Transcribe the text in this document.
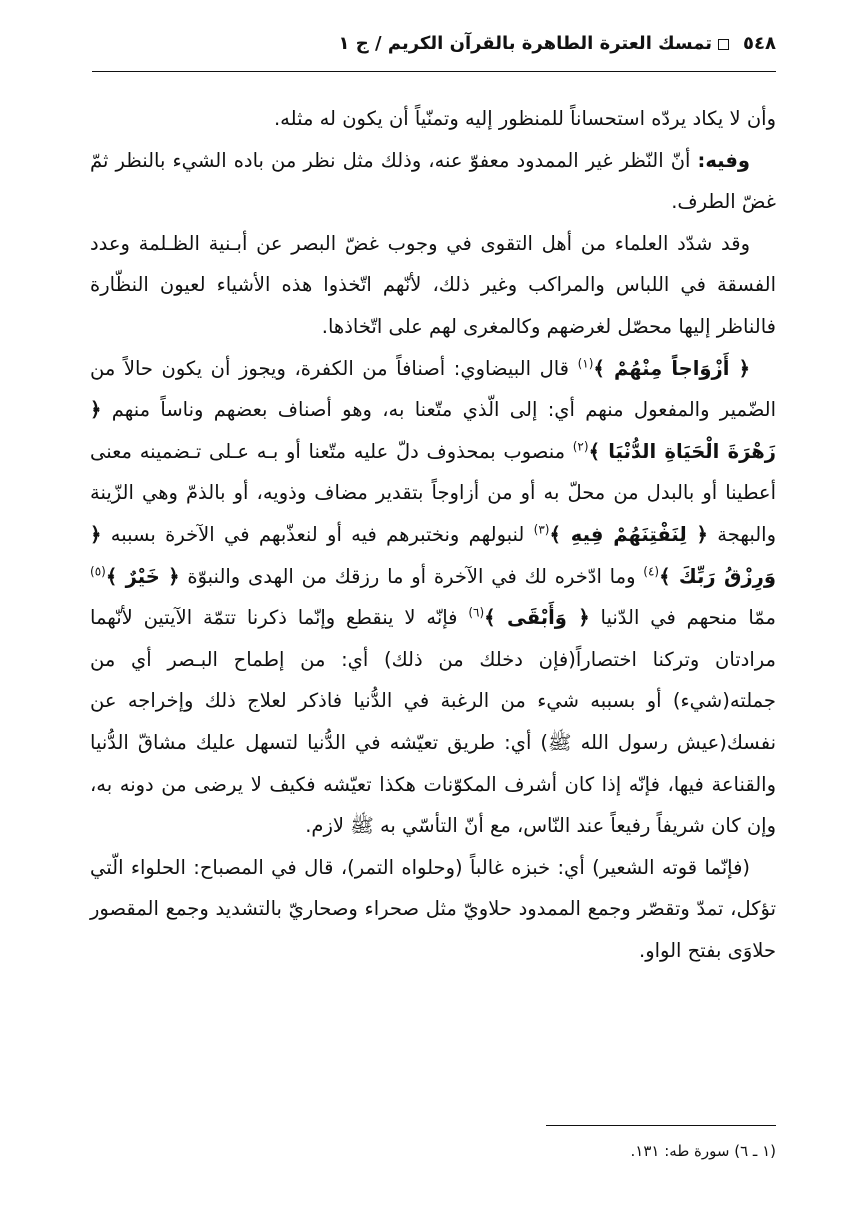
٥٤٨تمسك العترة الطاهرة بالقرآن الكريم / ج ١

وأن لا يكاد يردّه استحساناً للمنظور إليه وتمنّياً أن يكون له مثله.

وفيه: أنّ النّظر غير الممدود معفوّ عنه، وذلك مثل نظر من باده الشيء بالنظر ثمّ غضّ الطرف.

وقد شدّد العلماء من أهل التقوى في وجوب غضّ البصر عن أبـنية الظـلمة وعدد الفسقة في اللباس والمراكب وغير ذلك، لأنّهم اتّخذوا هذه الأشياء لعيون النظّارة فالناظر إليها محصّل لغرضهم وكالمغرى لهم على اتّخاذها.

﴿ أَزْوَاجاً مِنْهُمْ ﴾$^{(١)}$ قال البيضاوي: أصنافاً من الكفرة، ويجوز أن يكون حالاً من الضّمير والمفعول منهم أي: إلى الّذي متّعنا به، وهو أصناف بعضهم وناساً منهم ﴿ زَهْرَةَ الْحَيَاةِ الدُّنْيَا ﴾$^{(٢)}$ منصوب بمحذوف دلّ عليه متّعنا أو بـه عـلى تـضمينه معنى أعطينا أو بالبدل من محلّ به أو من أزاوجاً بتقدير مضاف وذويه، أو بالذمّ وهي الزّينة والبهجة ﴿ لِنَفْتِنَهُمْ فِيهِ ﴾$^{(٣)}$ لنبولهم ونختبرهم فيه أو لنعذّبهم في الآخرة بسببه ﴿ وَرِزْقُ رَبِّكَ ﴾$^{(٤)}$ وما ادّخره لك في الآخرة أو ما رزقك من الهدى والنبوّة ﴿ خَيْرٌ ﴾$^{(٥)}$ ممّا منحهم في الدّنيا ﴿ وَأَبْقَى ﴾$^{(٦)}$ فإنّه لا ينقطع وإنّما ذكرنا تتمّة الآيتين لأنّهما مرادتان وتركنا اختصاراً(فإن دخلك من ذلك) أي: من إطماح البـصر أي من جملته(شيء) أو بسببه شيء من الرغبة في الدُّنيا فاذكر لعلاج ذلك وإخراجه عن نفسك(عيش رسول الله ﷺ) أي: طريق تعيّشه في الدُّنيا لتسهل عليك مشاقّ الدُّنيا والقناعة فيها، فإنّه إذا كان أشرف المكوّنات هكذا تعيّشه فكيف لا يرضى من دونه به، وإن كان شريفاً رفيعاً عند النّاس، مع أنّ التأسّي به ﷺ لازم.

(فإنّما قوته الشعير) أي: خبزه غالباً (وحلواه التمر)، قال في المصباح: الحلواء الّتي تؤكل، تمدّ وتقصّر وجمع الممدود حلاويّ مثل صحراء وصحاريّ بالتشديد وجمع المقصور حلاوَى بفتح الواو.

(١ ـ ٦) سورة طه: ١٣١.
